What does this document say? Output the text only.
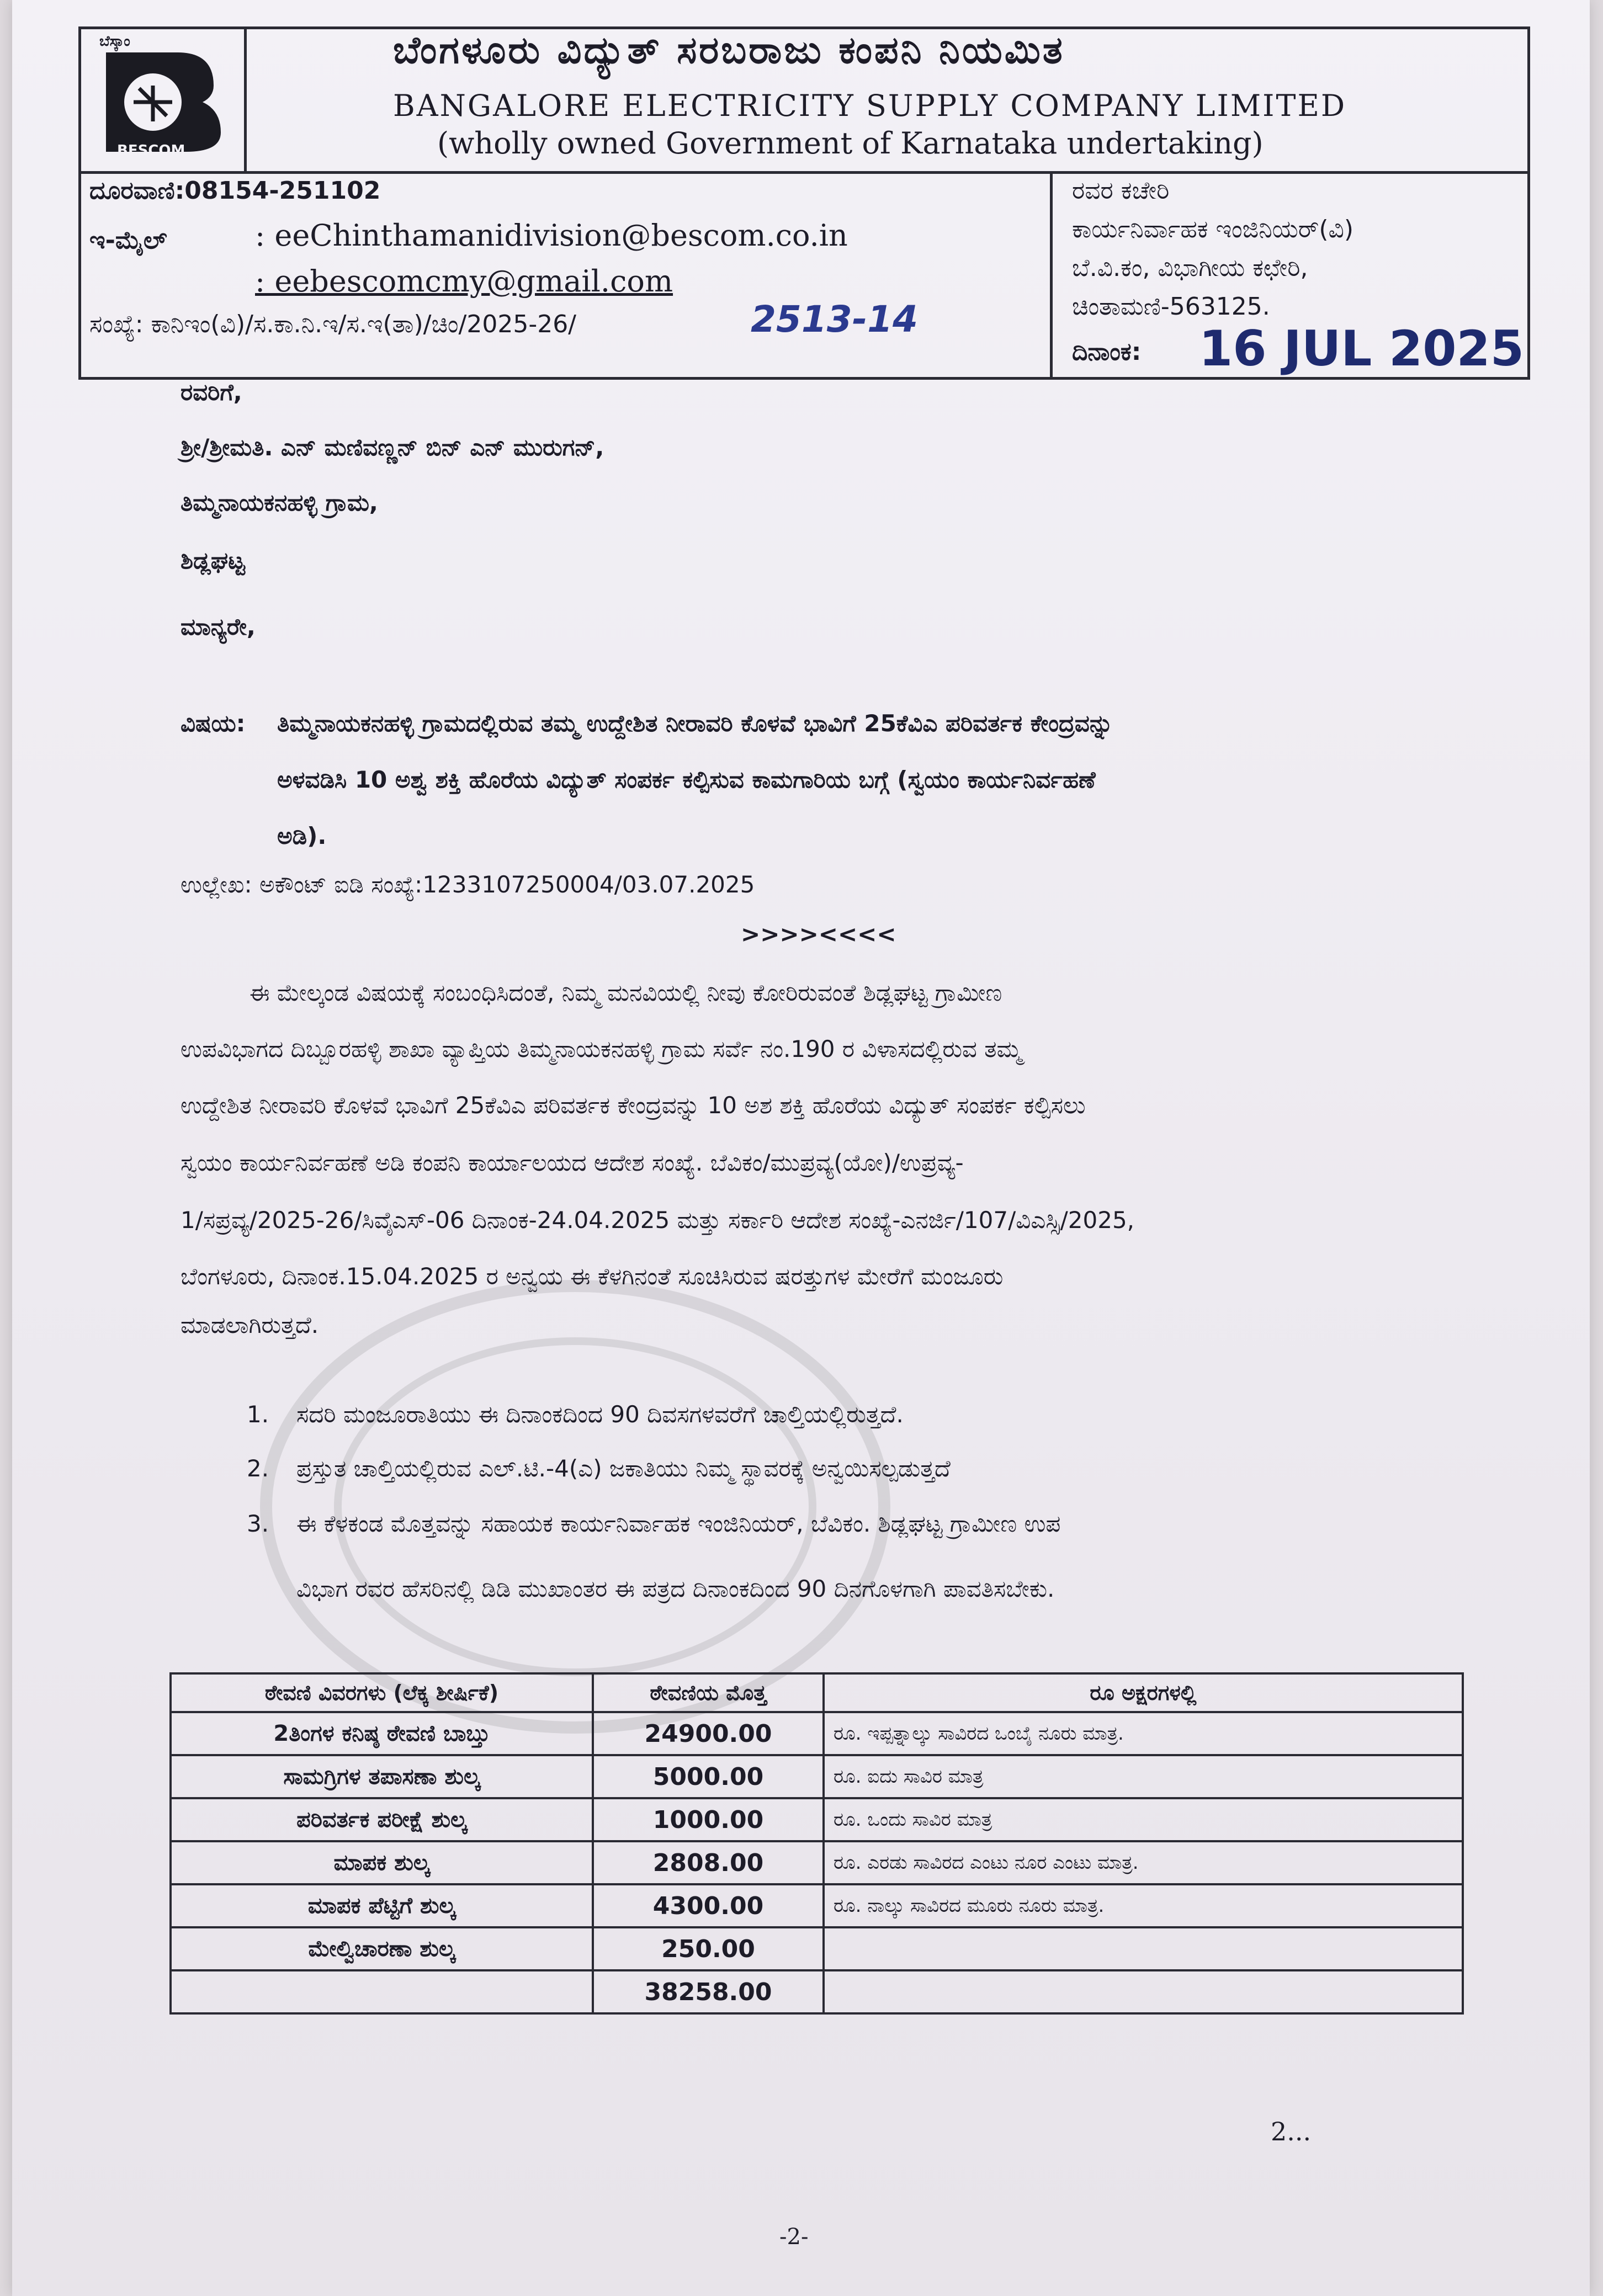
ಬೆಸ್ಕಾಂ
BESCOM
ಬೆಂಗಳೂರು ವಿದ್ಯುತ್ ಸರಬರಾಜು ಕಂಪನಿ ನಿಯಮಿತ
BANGALORE ELECTRICITY SUPPLY COMPANY LIMITED
(wholly owned Government of Karnataka undertaking)
ದೂರವಾಣಿ:08154-251102
ಇ-ಮೈಲ್	: eeChinthamanidivision@bescom.co.in
: eebescomcmy@gmail.com
ಸಂಖ್ಯೆ: ಕಾನಿಇಂ(ವಿ)/ಸ.ಕಾ.ನಿ.ಇ/ಸ.ಇ(ತಾ)/ಚಿಂ/2025-26/	2513-14
ರವರ ಕಚೇರಿ
ಕಾರ್ಯನಿರ್ವಾಹಕ ಇಂಜಿನಿಯರ್(ವಿ)
ಬೆ.ವಿ.ಕಂ, ವಿಭಾಗೀಯ ಕಛೇರಿ,
ಚಿಂತಾಮಣಿ-563125.
ದಿನಾಂಕ: 16 JUL 2025
ರವರಿಗೆ,
ಶ್ರೀ/ಶ್ರೀಮತಿ. ಎನ್ ಮಣಿವಣ್ಣನ್ ಬಿನ್ ಎನ್ ಮುರುಗನ್,
ತಿಮ್ಮನಾಯಕನಹಳ್ಳಿ ಗ್ರಾಮ,
ಶಿಡ್ಲಘಟ್ಟ
ಮಾನ್ಯರೇ,
ವಿಷಯ: ತಿಮ್ಮನಾಯಕನಹಳ್ಳಿ ಗ್ರಾಮದಲ್ಲಿರುವ ತಮ್ಮ ಉದ್ದೇಶಿತ ನೀರಾವರಿ ಕೊಳವೆ ಭಾವಿಗೆ 25ಕೆವಿಎ ಪರಿವರ್ತಕ ಕೇಂದ್ರವನ್ನು
ಅಳವಡಿಸಿ 10 ಅಶ್ವ ಶಕ್ತಿ ಹೊರೆಯ ವಿದ್ಯುತ್ ಸಂಪರ್ಕ ಕಲ್ಪಿಸುವ ಕಾಮಗಾರಿಯ ಬಗ್ಗೆ (ಸ್ವಯಂ ಕಾರ್ಯನಿರ್ವಹಣೆ
ಅಡಿ).
ಉಲ್ಲೇಖ: ಅಕೌಂಟ್ ಐಡಿ ಸಂಖ್ಯೆ:1233107250004/03.07.2025
>>>><<<<
ಈ ಮೇಲ್ಕಂಡ ವಿಷಯಕ್ಕೆ ಸಂಬಂಧಿಸಿದಂತೆ, ನಿಮ್ಮ ಮನವಿಯಲ್ಲಿ ನೀವು ಕೋರಿರುವಂತೆ ಶಿಡ್ಲಘಟ್ಟ ಗ್ರಾಮೀಣ
ಉಪವಿಭಾಗದ ದಿಬ್ಬೂರಹಳ್ಳಿ ಶಾಖಾ ವ್ಯಾಪ್ತಿಯ ತಿಮ್ಮನಾಯಕನಹಳ್ಳಿ ಗ್ರಾಮ ಸರ್ವೆ ನಂ.190 ರ ವಿಳಾಸದಲ್ಲಿರುವ ತಮ್ಮ
ಉದ್ದೇಶಿತ ನೀರಾವರಿ ಕೊಳವೆ ಭಾವಿಗೆ 25ಕೆವಿಎ ಪರಿವರ್ತಕ ಕೇಂದ್ರವನ್ನು 10 ಅಶ ಶಕ್ತಿ ಹೊರೆಯ ವಿದ್ಯುತ್ ಸಂಪರ್ಕ ಕಲ್ಪಿಸಲು
ಸ್ವಯಂ ಕಾರ್ಯನಿರ್ವಹಣೆ ಅಡಿ ಕಂಪನಿ ಕಾರ್ಯಾಲಯದ ಆದೇಶ ಸಂಖ್ಯೆ. ಬೆವಿಕಂ/ಮುಪ್ರವ್ಯ(ಯೋ)/ಉಪ್ರವ್ಯ-
1/ಸಪ್ರವ್ಯ/2025-26/ಸಿವೈಎಸ್-06 ದಿನಾಂಕ-24.04.2025 ಮತ್ತು ಸರ್ಕಾರಿ ಆದೇಶ ಸಂಖ್ಯೆ-ಎನರ್ಜಿ/107/ವಿಎಸ್ಸಿ/2025,
ಬೆಂಗಳೂರು, ದಿನಾಂಕ.15.04.2025 ರ ಅನ್ವಯ ಈ ಕೆಳಗಿನಂತೆ ಸೂಚಿಸಿರುವ ಷರತ್ತುಗಳ ಮೇರೆಗೆ ಮಂಜೂರು
ಮಾಡಲಾಗಿರುತ್ತದೆ.
1. ಸದರಿ ಮಂಜೂರಾತಿಯು ಈ ದಿನಾಂಕದಿಂದ 90 ದಿವಸಗಳವರೆಗೆ ಚಾಲ್ತಿಯಲ್ಲಿರುತ್ತದೆ.
2. ಪ್ರಸ್ತುತ ಚಾಲ್ತಿಯಲ್ಲಿರುವ ಎಲ್.ಟಿ.-4(ಎ) ಜಕಾತಿಯು ನಿಮ್ಮ ಸ್ಥಾವರಕ್ಕೆ ಅನ್ವಯಿಸಲ್ಪಡುತ್ತದೆ
3. ಈ ಕೆಳಕಂಡ ಮೊತ್ತವನ್ನು ಸಹಾಯಕ ಕಾರ್ಯನಿರ್ವಾಹಕ ಇಂಜಿನಿಯರ್, ಬೆವಿಕಂ. ಶಿಡ್ಲಘಟ್ಟ ಗ್ರಾಮೀಣ ಉಪ
ವಿಭಾಗ ರವರ ಹೆಸರಿನಲ್ಲಿ ಡಿಡಿ ಮುಖಾಂತರ ಈ ಪತ್ರದ ದಿನಾಂಕದಿಂದ 90 ದಿನಗೊಳಗಾಗಿ ಪಾವತಿಸಬೇಕು.
ಠೇವಣಿ ವಿವರಗಳು (ಲೆಕ್ಕ ಶೀರ್ಷಿಕೆ)	ಠೇವಣಿಯ ಮೊತ್ತ	ರೂ ಅಕ್ಷರಗಳಲ್ಲಿ
2ತಿಂಗಳ ಕನಿಷ್ಠ ಠೇವಣಿ ಬಾಬ್ತು	24900.00	ರೂ. ಇಪ್ಪತ್ನಾಲ್ಕು ಸಾವಿರದ ಒಂಬೈ ನೂರು ಮಾತ್ರ.
ಸಾಮಗ್ರಿಗಳ ತಪಾಸಣಾ ಶುಲ್ಕ	5000.00	ರೂ. ಐದು ಸಾವಿರ ಮಾತ್ರ
ಪರಿವರ್ತಕ ಪರೀಕ್ಷೆ ಶುಲ್ಕ	1000.00	ರೂ. ಒಂದು ಸಾವಿರ ಮಾತ್ರ
ಮಾಪಕ ಶುಲ್ಕ	2808.00	ರೂ. ಎರಡು ಸಾವಿರದ ಎಂಟು ನೂರ ಎಂಟು ಮಾತ್ರ.
ಮಾಪಕ ಪೆಟ್ಟಿಗೆ ಶುಲ್ಕ	4300.00	ರೂ. ನಾಲ್ಕು ಸಾವಿರದ ಮೂರು ನೂರು ಮಾತ್ರ.
ಮೇಲ್ವಿಚಾರಣಾ ಶುಲ್ಕ	250.00	
	38258.00	
2...
-2-
